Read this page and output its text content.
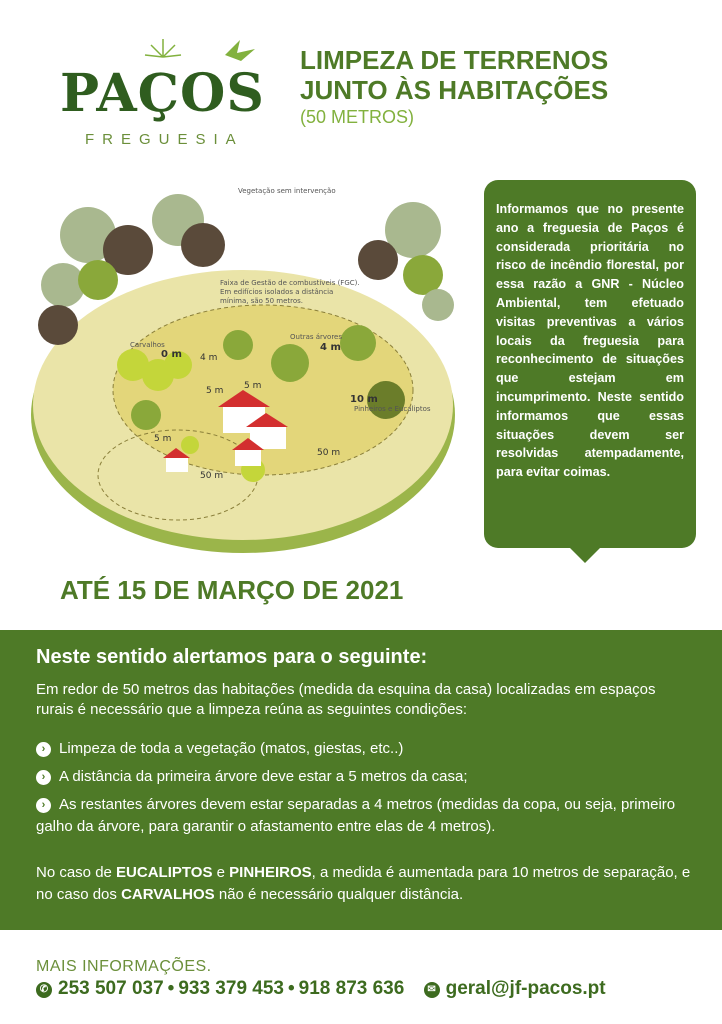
PAÇOS
FREGUESIA
LIMPEZA DE TERRENOS
JUNTO ÀS HABITAÇÕES
(50 METROS)
Vegetação sem intervenção
Faixa de Gestão de combustíveis (FGC).
Em edifícios isolados a distância
mínima, são 50 metros.
Carvalhos
Outras árvores
Pinheiros e Eucaliptos
0 m
4 m
10 m
4 m
5 m 5 m
5 m
50 m
50 m
Informamos que no presente ano a freguesia de Paços é considerada prioritária no risco de incêndio florestal, por essa razão a GNR - Núcleo Ambiental, tem efetuado visitas preventivas a vários locais da freguesia para reconhecimento de situações que estejam em incumprimento. Neste sentido informamos que essas situações devem ser resolvidas atempadamente, para evitar coimas.
ATÉ 15 DE MARÇO DE 2021
Neste sentido alertamos para o seguinte:
Em redor de 50 metros das habitações (medida da esquina da casa) localizadas em espaços rurais é necessário que a limpeza reúna as seguintes condições:
› Limpeza de toda a vegetação (matos, giestas, etc..)
› A distância da primeira árvore deve estar a 5 metros da casa;
› As restantes árvores devem estar separadas a 4 metros (medidas da copa, ou seja, primeiro galho da árvore, para garantir o afastamento entre elas de 4 metros).
No caso de EUCALIPTOS e PINHEIROS, a medida é aumentada para 10 metros de separação, e no caso dos CARVALHOS não é necessário qualquer distância.
MAIS INFORMAÇÕES.
✆ 253 507 037 • 933 379 453 • 918 873 636 ✉ geral@jf-pacos.pt
